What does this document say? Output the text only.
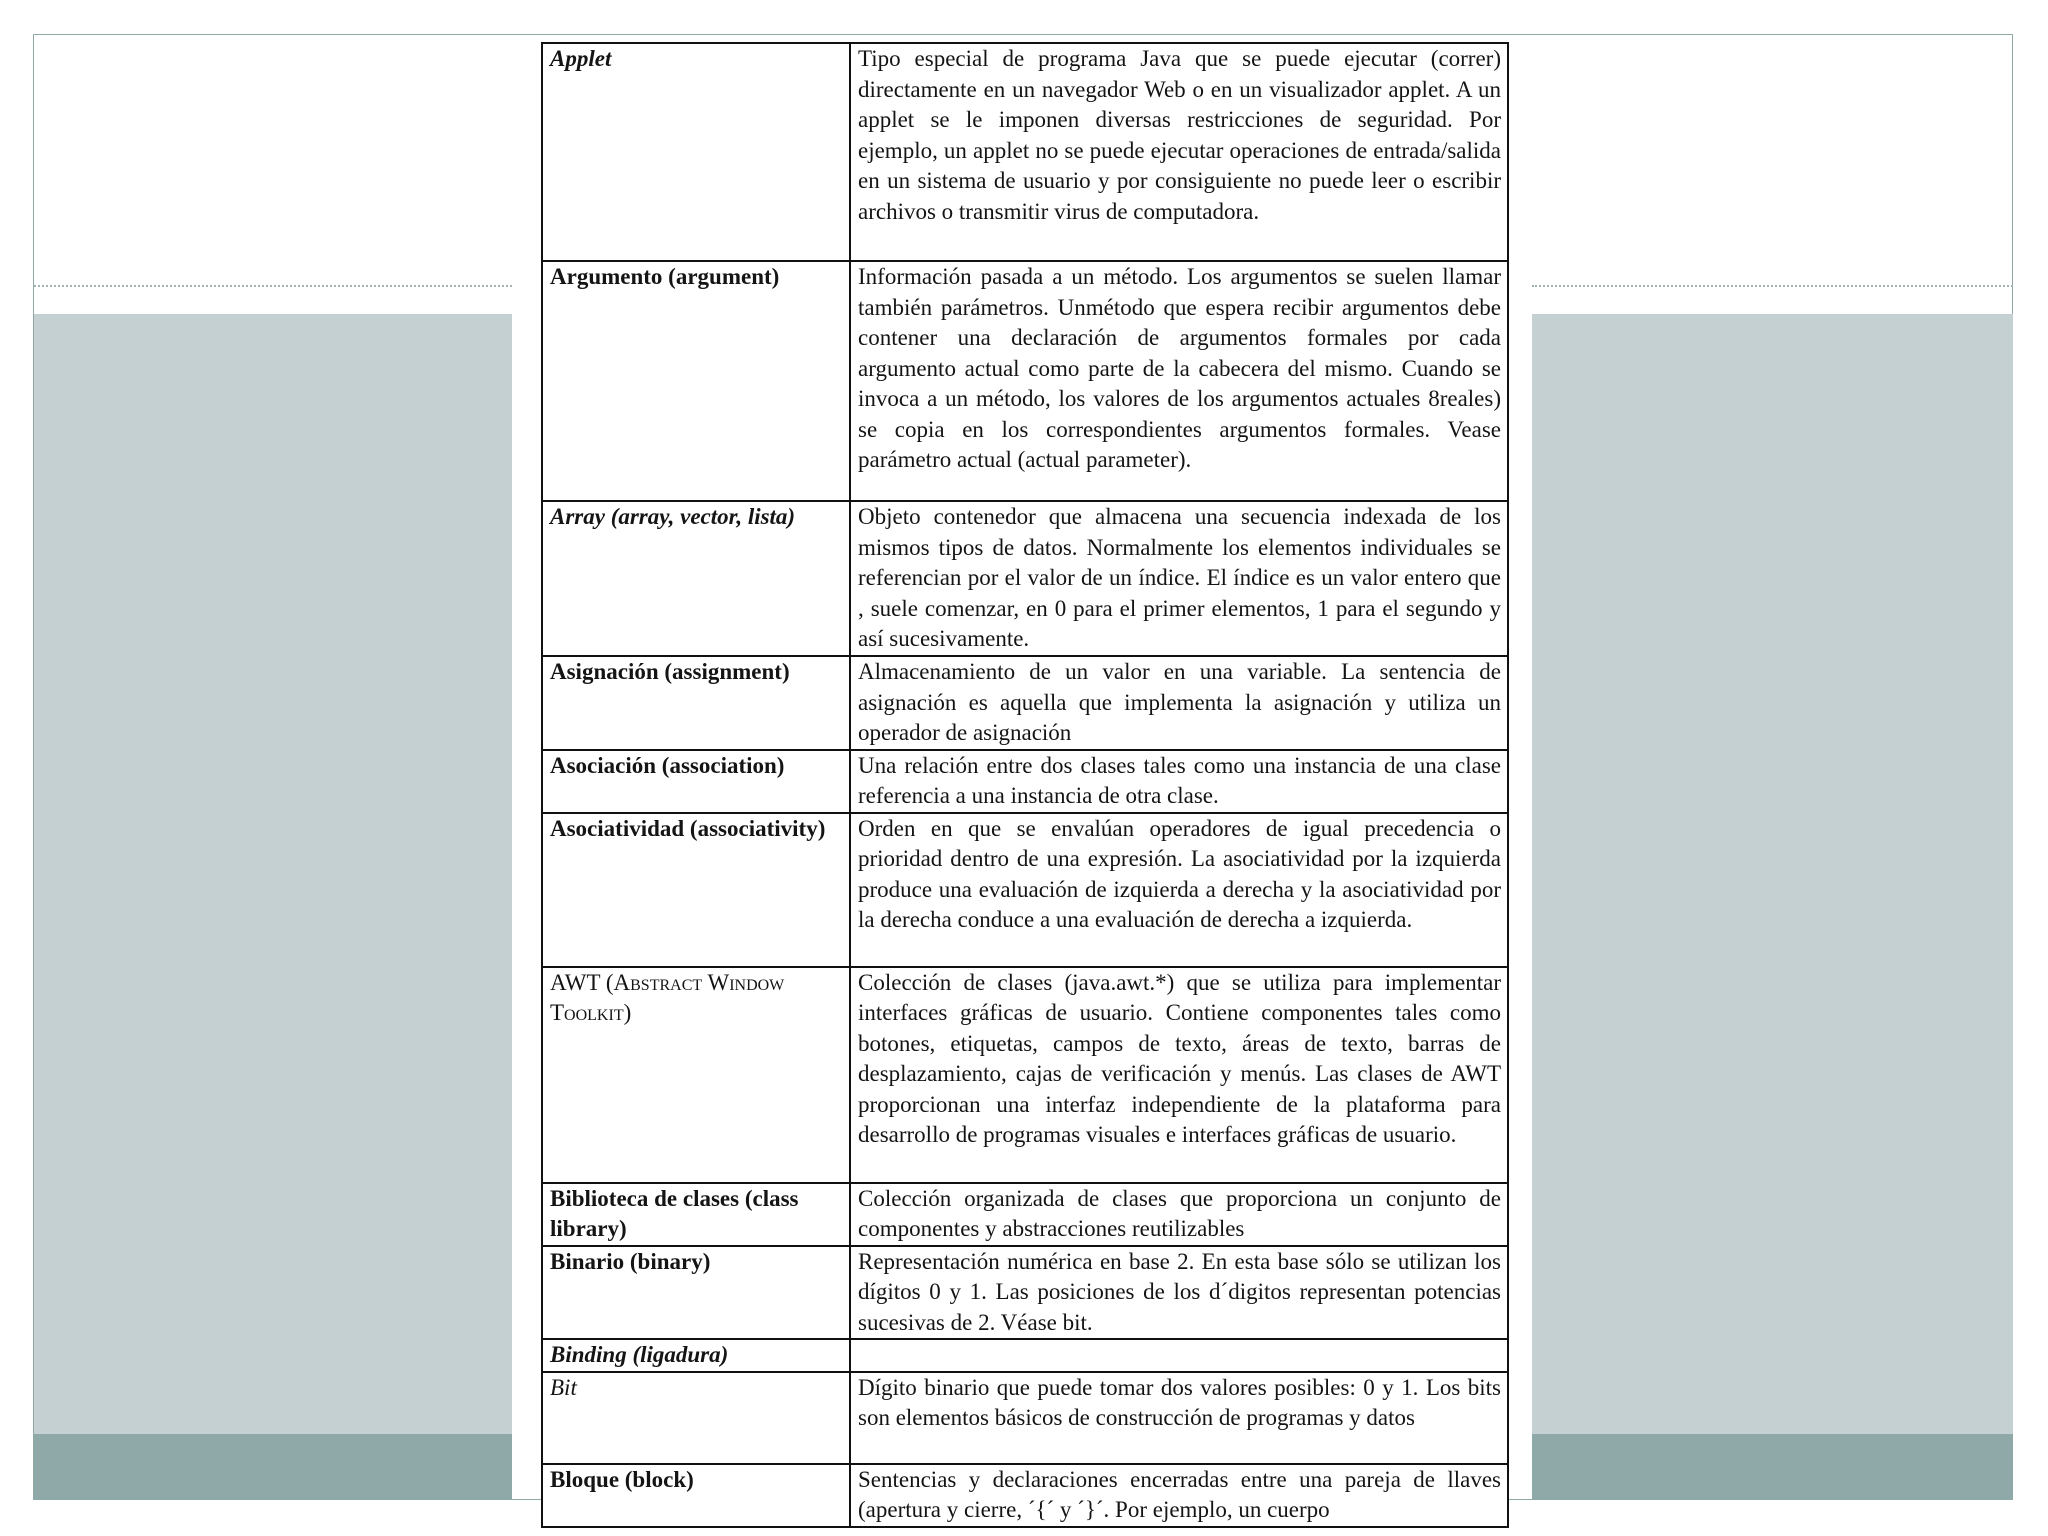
Applet	Tipo especial de programa Java que se puede ejecutar (correr) directamente en un navegador Web o en un visualizador applet. A un applet se le imponen diversas restricciones de seguridad. Por ejemplo, un applet no se puede ejecutar operaciones de entrada/salida en un sistema de usuario y por consiguiente no puede leer o escribir archivos o transmitir virus de computadora.
Argumento (argument)	Información pasada a un método. Los argumentos se suelen llamar también parámetros. Unmétodo que espera recibir argumentos debe contener una declaración de argumentos formales por cada argumento actual como parte de la cabecera del mismo. Cuando se invoca a un método, los valores de los argumentos actuales 8reales) se copia en los correspondientes argumentos formales. Vease parámetro actual (actual parameter).
Array (array, vector, lista)	Objeto contenedor que almacena una secuencia indexada de los mismos tipos de datos. Normalmente los elementos individuales se referencian por el valor de un índice. El índice es un valor entero que , suele comenzar, en 0 para el primer elementos, 1 para el segundo y así sucesivamente.
Asignación (assignment)	Almacenamiento de un valor en una variable. La sentencia de asignación es aquella que implementa la asignación y utiliza un operador de asignación
Asociación (association)	Una relación entre dos clases tales como una instancia de una clase referencia a una instancia de otra clase.
Asociatividad (associativity)	Orden en que se envalúan operadores de igual precedencia o prioridad dentro de una expresión. La asociatividad por la izquierda produce una evaluación de izquierda a derecha y la asociatividad por la derecha conduce a una evaluación de derecha a izquierda.
AWT (Abstract Window Toolkit)	Colección de clases (java.awt.*) que se utiliza para implementar interfaces gráficas de usuario. Contiene componentes tales como botones, etiquetas, campos de texto, áreas de texto, barras de desplazamiento, cajas de verificación y menús. Las clases de AWT proporcionan una interfaz independiente de la plataforma para desarrollo de programas visuales e interfaces gráficas de usuario.
Biblioteca de clases (class library)	Colección organizada de clases que proporciona un conjunto de componentes y abstracciones reutilizables
Binario (binary)	Representación numérica en base 2. En esta base sólo se utilizan los dígitos 0 y 1. Las posiciones de los d´digitos representan potencias sucesivas de 2. Véase bit.
Binding (ligadura)	
Bit	Dígito binario que puede tomar dos valores posibles: 0 y 1. Los bits son elementos básicos de construcción de programas y datos
Bloque (block)	Sentencias y declaraciones encerradas entre una pareja de llaves (apertura y cierre, ´{´ y ´}´. Por ejemplo, un cuerpo
